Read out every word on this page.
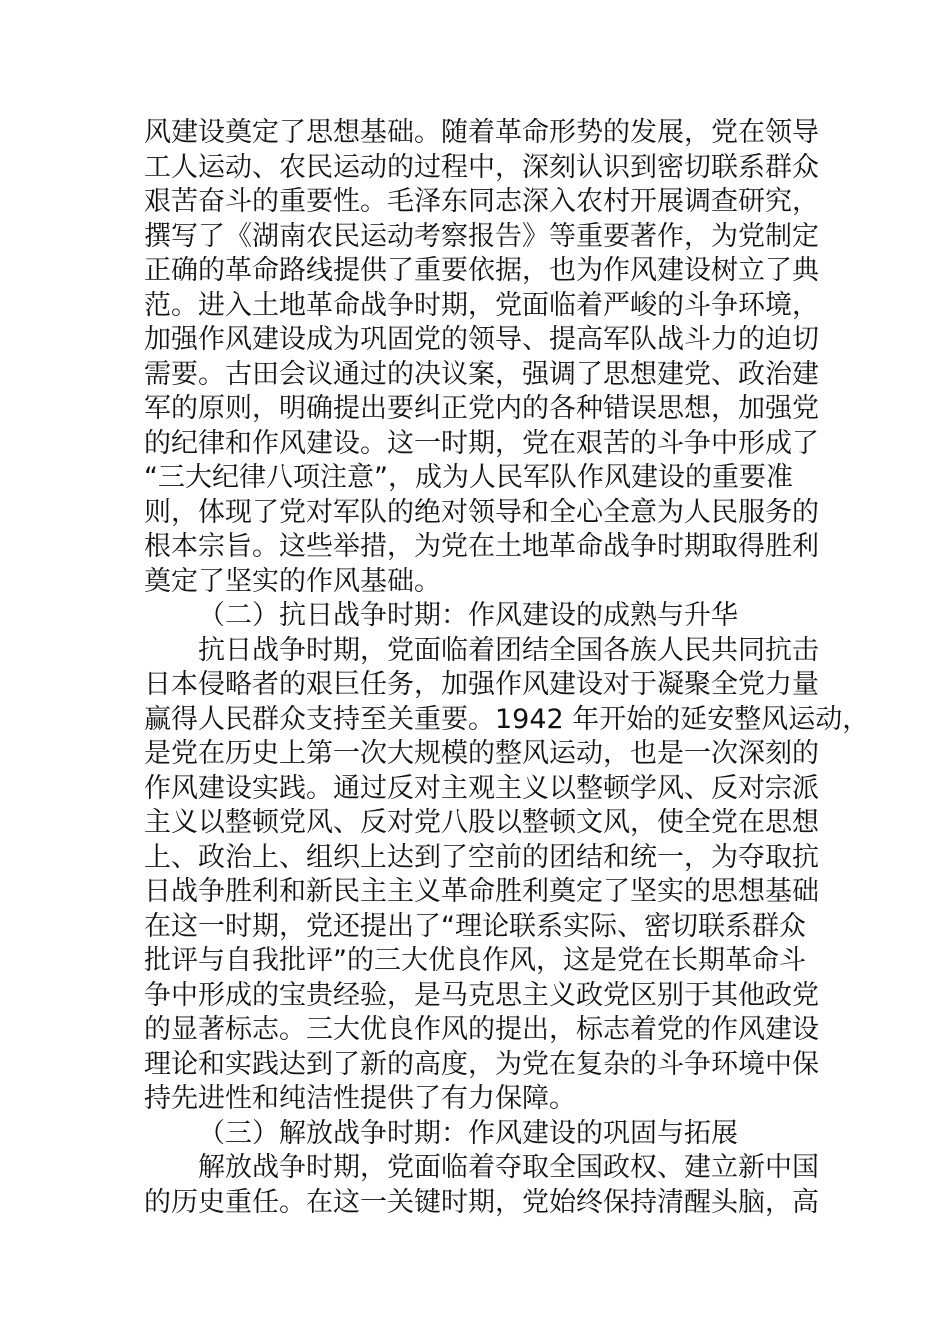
风建设奠定了思想基础。随着革命形势的发展，党在领导
工人运动、农民运动的过程中，深刻认识到密切联系群众
艰苦奋斗的重要性。毛泽东同志深入农村开展调查研究，
撰写了《湖南农民运动考察报告》等重要著作，为党制定
正确的革命路线提供了重要依据，也为作风建设树立了典
范。进入土地革命战争时期，党面临着严峻的斗争环境，
加强作风建设成为巩固党的领导、提高军队战斗力的迫切
需要。古田会议通过的决议案，强调了思想建党、政治建
军的原则，明确提出要纠正党内的各种错误思想，加强党
的纪律和作风建设。这一时期，党在艰苦的斗争中形成了
“三大纪律八项注意”，成为人民军队作风建设的重要准
则，体现了党对军队的绝对领导和全心全意为人民服务的
根本宗旨。这些举措，为党在土地革命战争时期取得胜利
奠定了坚实的作风基础。
（二）抗日战争时期：作风建设的成熟与升华
抗日战争时期，党面临着团结全国各族人民共同抗击
日本侵略者的艰巨任务，加强作风建设对于凝聚全党力量
赢得人民群众支持至关重要。1942 年开始的延安整风运动，
是党在历史上第一次大规模的整风运动，也是一次深刻的
作风建设实践。通过反对主观主义以整顿学风、反对宗派
主义以整顿党风、反对党八股以整顿文风，使全党在思想
上、政治上、组织上达到了空前的团结和统一，为夺取抗
日战争胜利和新民主主义革命胜利奠定了坚实的思想基础
在这一时期，党还提出了“理论联系实际、密切联系群众
批评与自我批评”的三大优良作风，这是党在长期革命斗
争中形成的宝贵经验，是马克思主义政党区别于其他政党
的显著标志。三大优良作风的提出，标志着党的作风建设
理论和实践达到了新的高度，为党在复杂的斗争环境中保
持先进性和纯洁性提供了有力保障。
（三）解放战争时期：作风建设的巩固与拓展
解放战争时期，党面临着夺取全国政权、建立新中国
的历史重任。在这一关键时期，党始终保持清醒头脑，高
